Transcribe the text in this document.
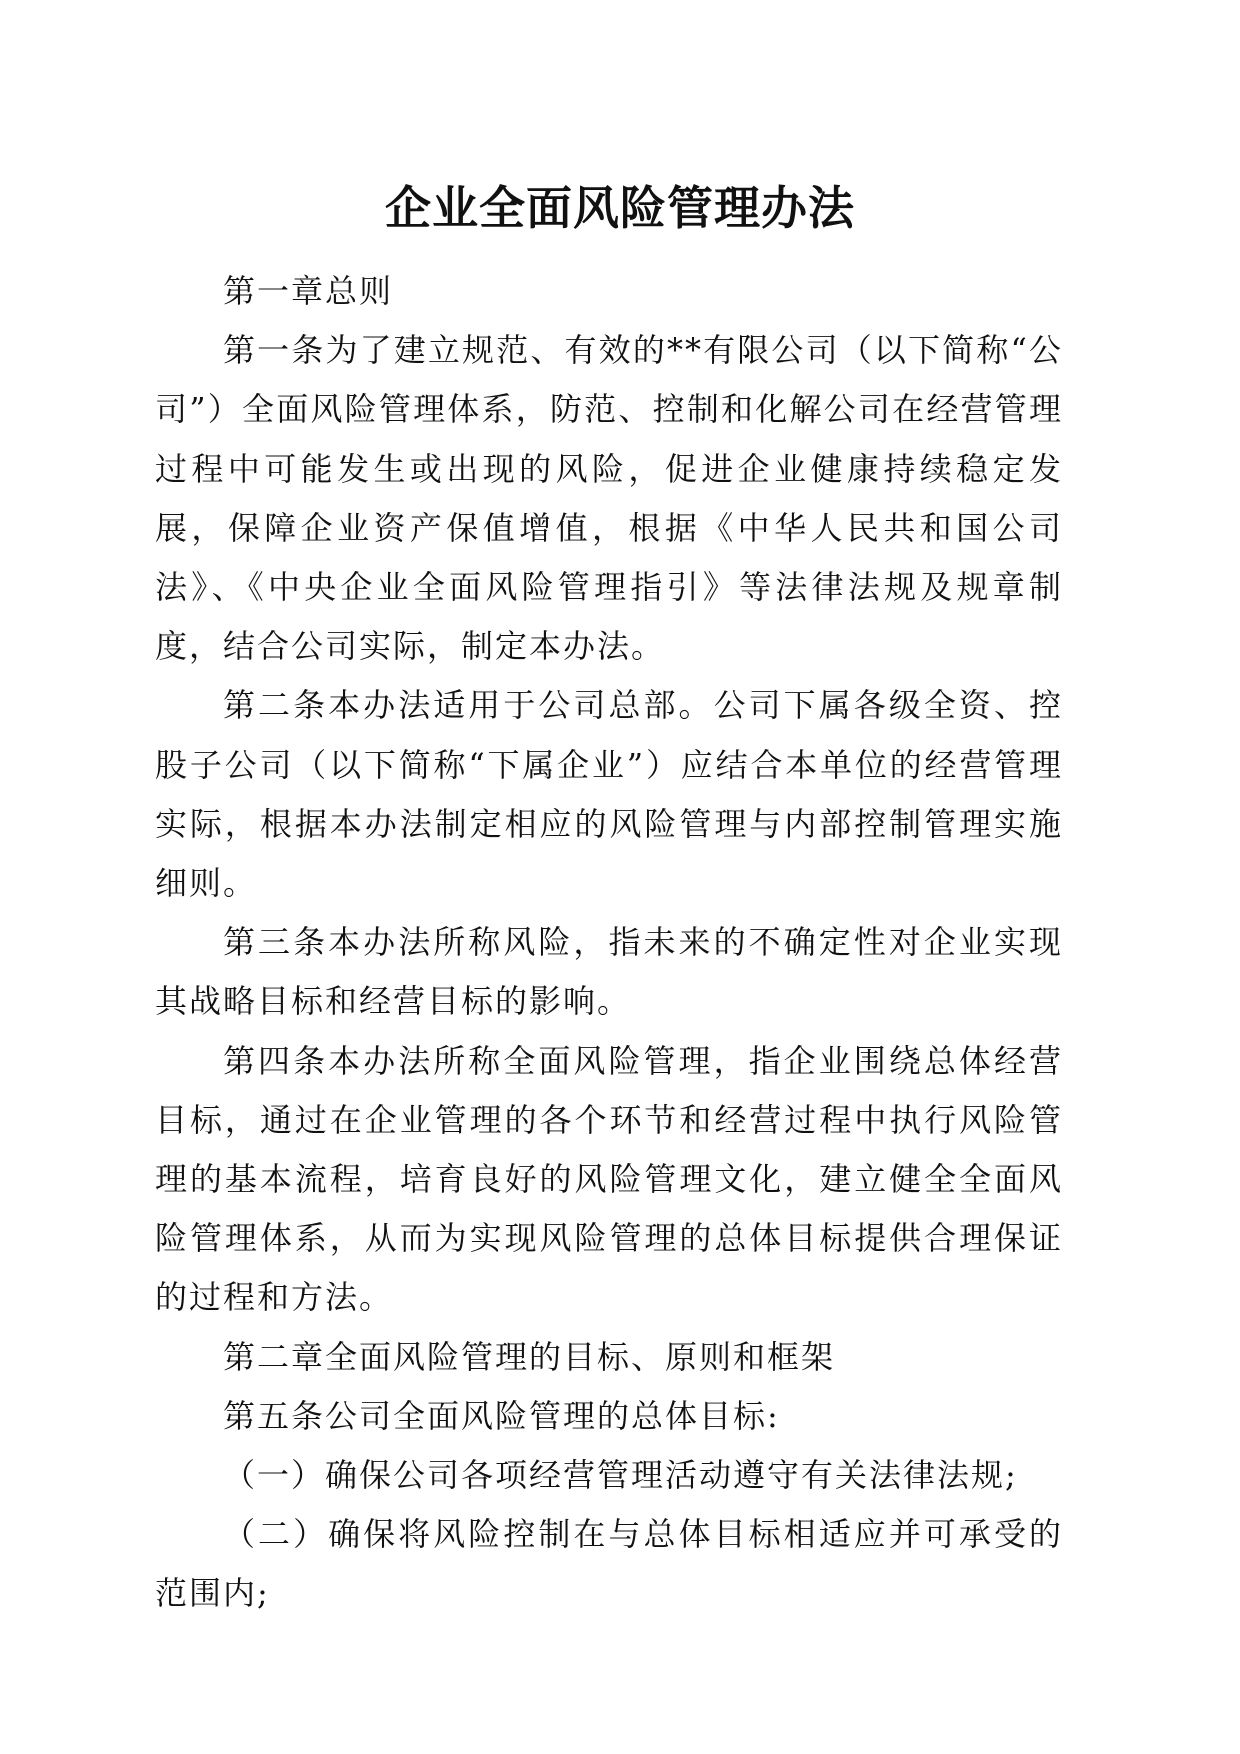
企业全面风险管理办法

第一章总则

第一条为了建立规范、有效的**有限公司（以下简称“公司”）全面风险管理体系，防范、控制和化解公司在经营管理过程中可能发生或出现的风险，促进企业健康持续稳定发展，保障企业资产保值增值，根据《中华人民共和国公司法》、《中央企业全面风险管理指引》等法律法规及规章制度，结合公司实际，制定本办法。

第二条本办法适用于公司总部。公司下属各级全资、控股子公司（以下简称“下属企业”）应结合本单位的经营管理实际，根据本办法制定相应的风险管理与内部控制管理实施细则。

第三条本办法所称风险，指未来的不确定性对企业实现其战略目标和经营目标的影响。

第四条本办法所称全面风险管理，指企业围绕总体经营目标，通过在企业管理的各个环节和经营过程中执行风险管理的基本流程，培育良好的风险管理文化，建立健全全面风险管理体系，从而为实现风险管理的总体目标提供合理保证的过程和方法。

第二章全面风险管理的目标、原则和框架

第五条公司全面风险管理的总体目标:

（一）确保公司各项经营管理活动遵守有关法律法规;

（二）确保将风险控制在与总体目标相适应并可承受的范围内;
